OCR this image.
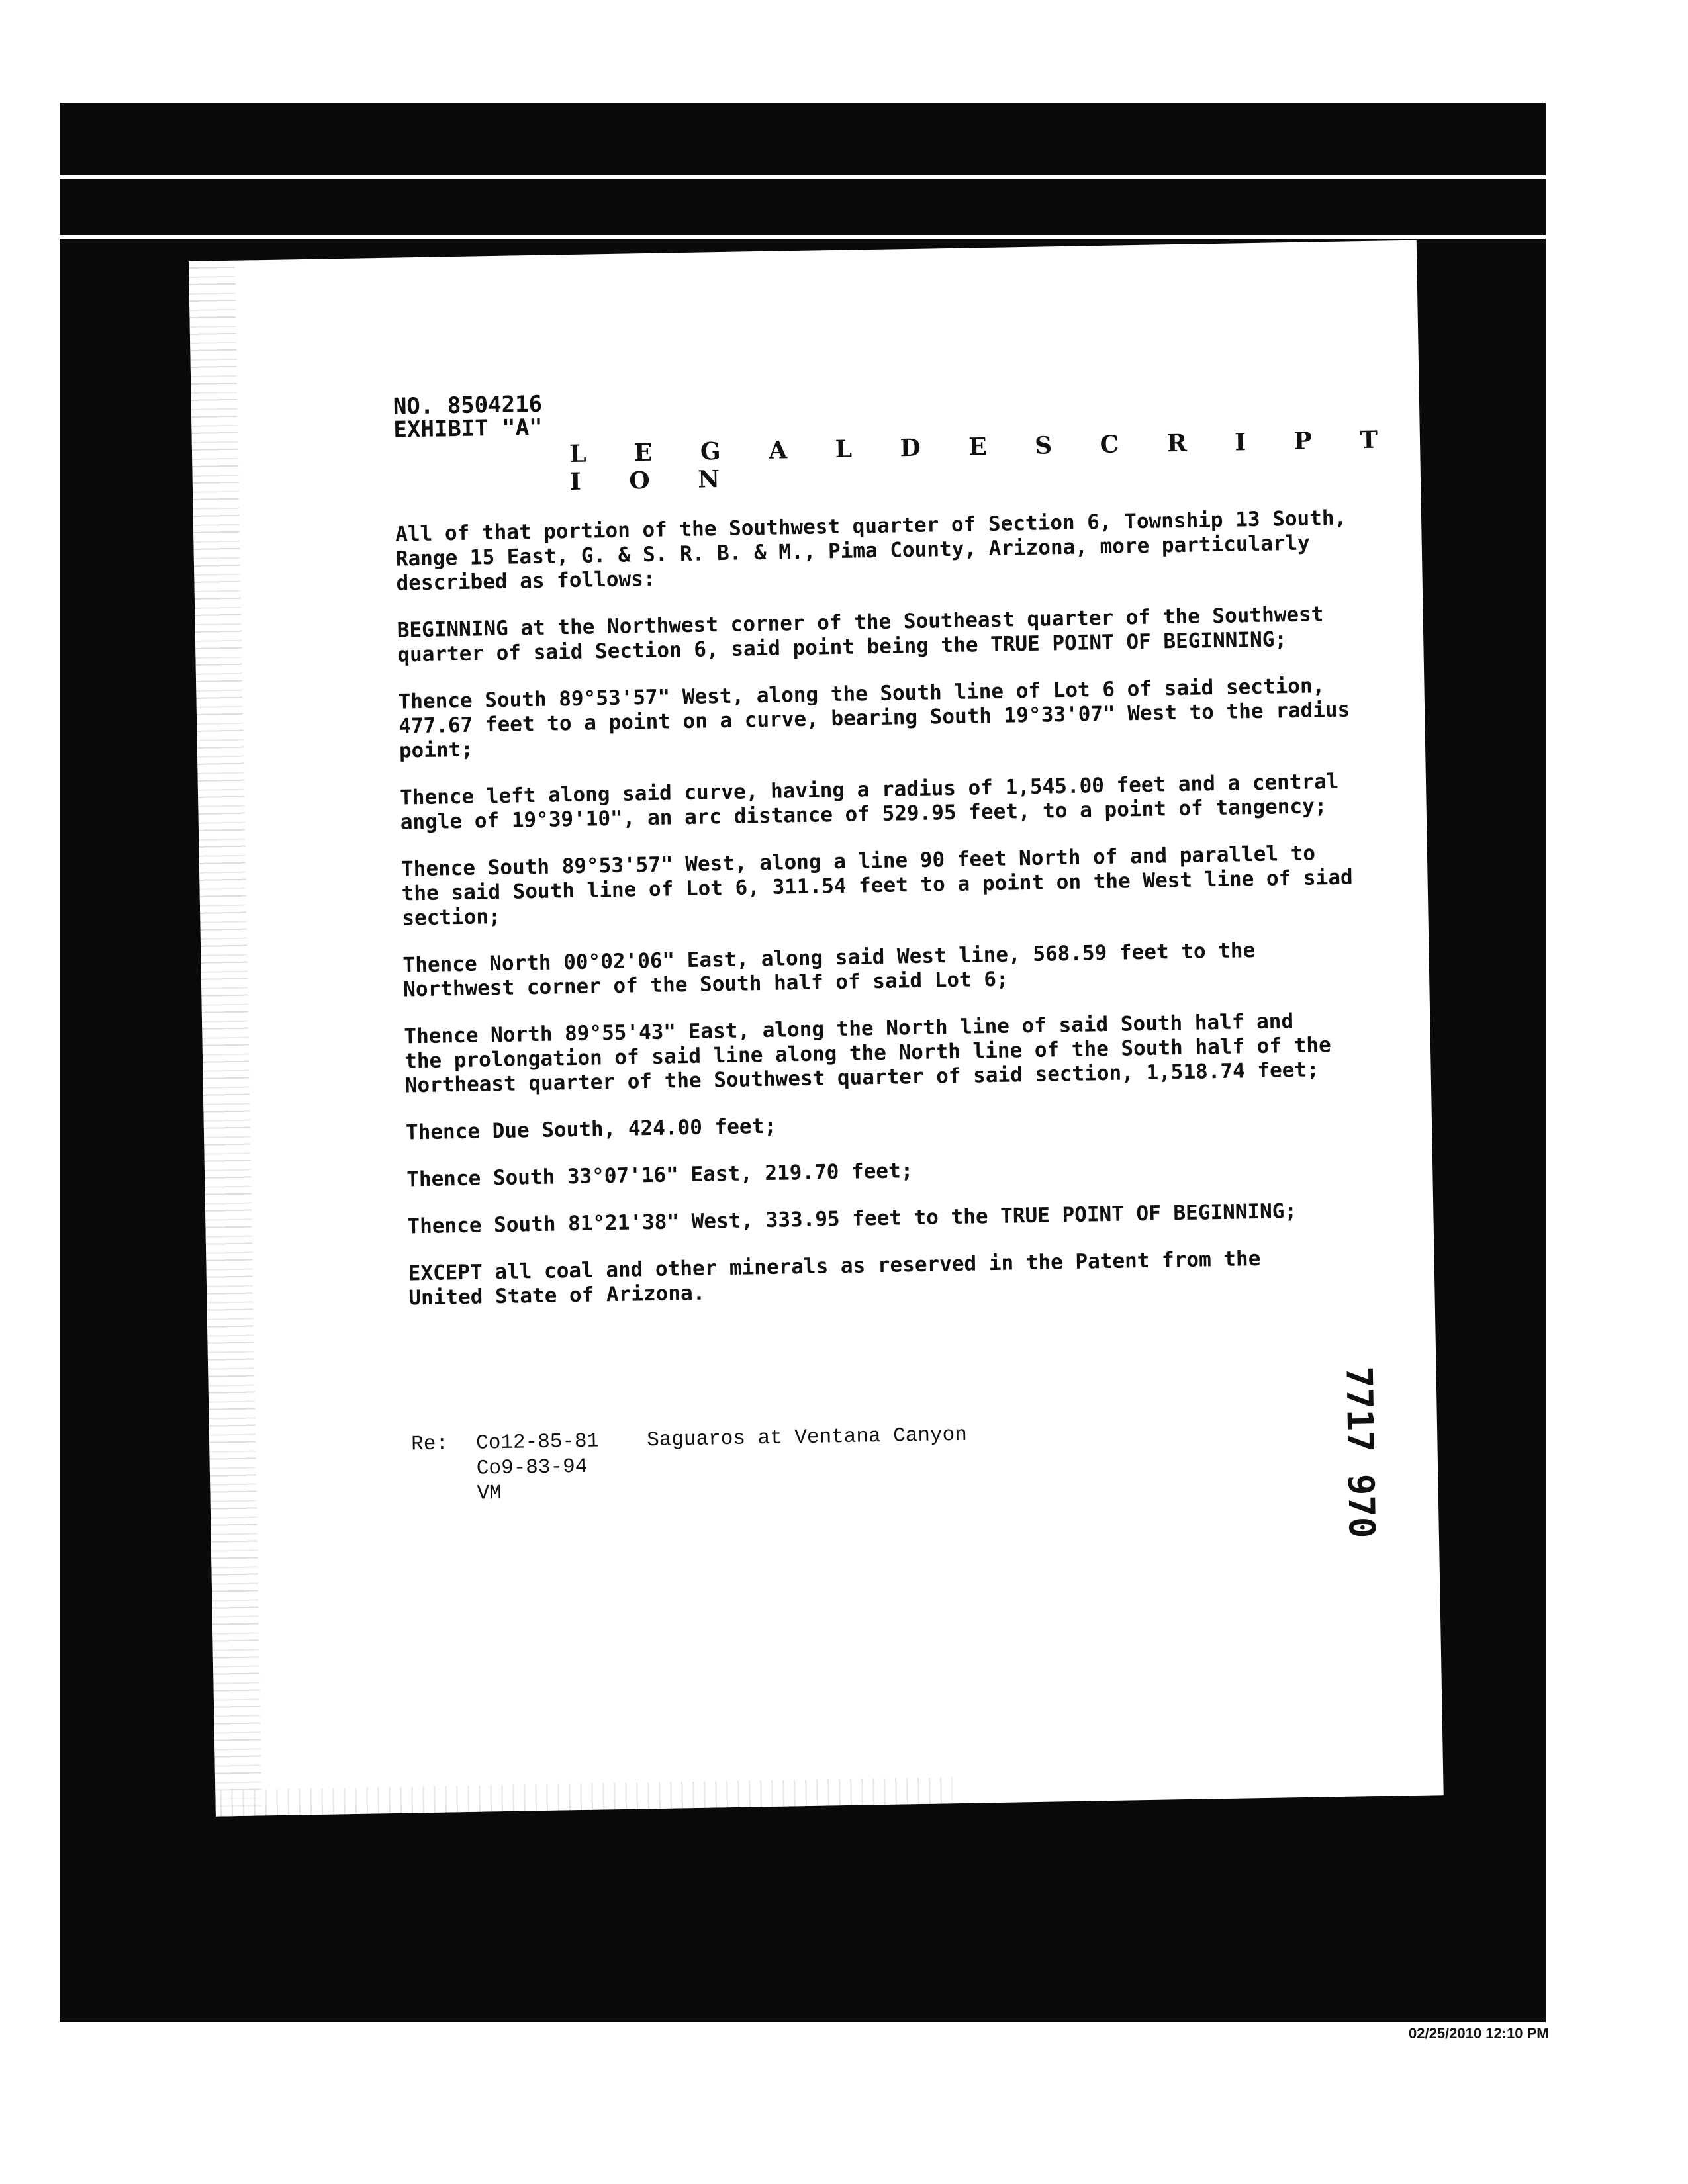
NO. 8504216
EXHIBIT "A" L E G A L D E S C R I P T I O N

All of that portion of the Southwest quarter of Section 6, Township 13 South,
Range 15 East, G. & S. R. B. & M., Pima County, Arizona, more particularly
described as follows:

BEGINNING at the Northwest corner of the Southeast quarter of the Southwest
quarter of said Section 6, said point being the TRUE POINT OF BEGINNING;

Thence South 89°53'57" West, along the South line of Lot 6 of said section,
477.67 feet to a point on a curve, bearing South 19°33'07" West to the radius
point;

Thence left along said curve, having a radius of 1,545.00 feet and a central
angle of 19°39'10", an arc distance of 529.95 feet, to a point of tangency;

Thence South 89°53'57" West, along a line 90 feet North of and parallel to
the said South line of Lot 6, 311.54 feet to a point on the West line of siad
section;

Thence North 00°02'06" East, along said West line, 568.59 feet to the
Northwest corner of the South half of said Lot 6;

Thence North 89°55'43" East, along the North line of said South half and
the prolongation of said line along the North line of the South half of the
Northeast quarter of the Southwest quarter of said section, 1,518.74 feet;

Thence Due South, 424.00 feet;

Thence South 33°07'16" East, 219.70 feet;

Thence South 81°21'38" West, 333.95 feet to the TRUE POINT OF BEGINNING;

EXCEPT all coal and other minerals as reserved in the Patent from the
United State of Arizona.

Re:	Co12-85-81	Saguaros at Ventana Canyon
Co9-83-94
VM	7717 970
02/25/2010 12:10 PM
